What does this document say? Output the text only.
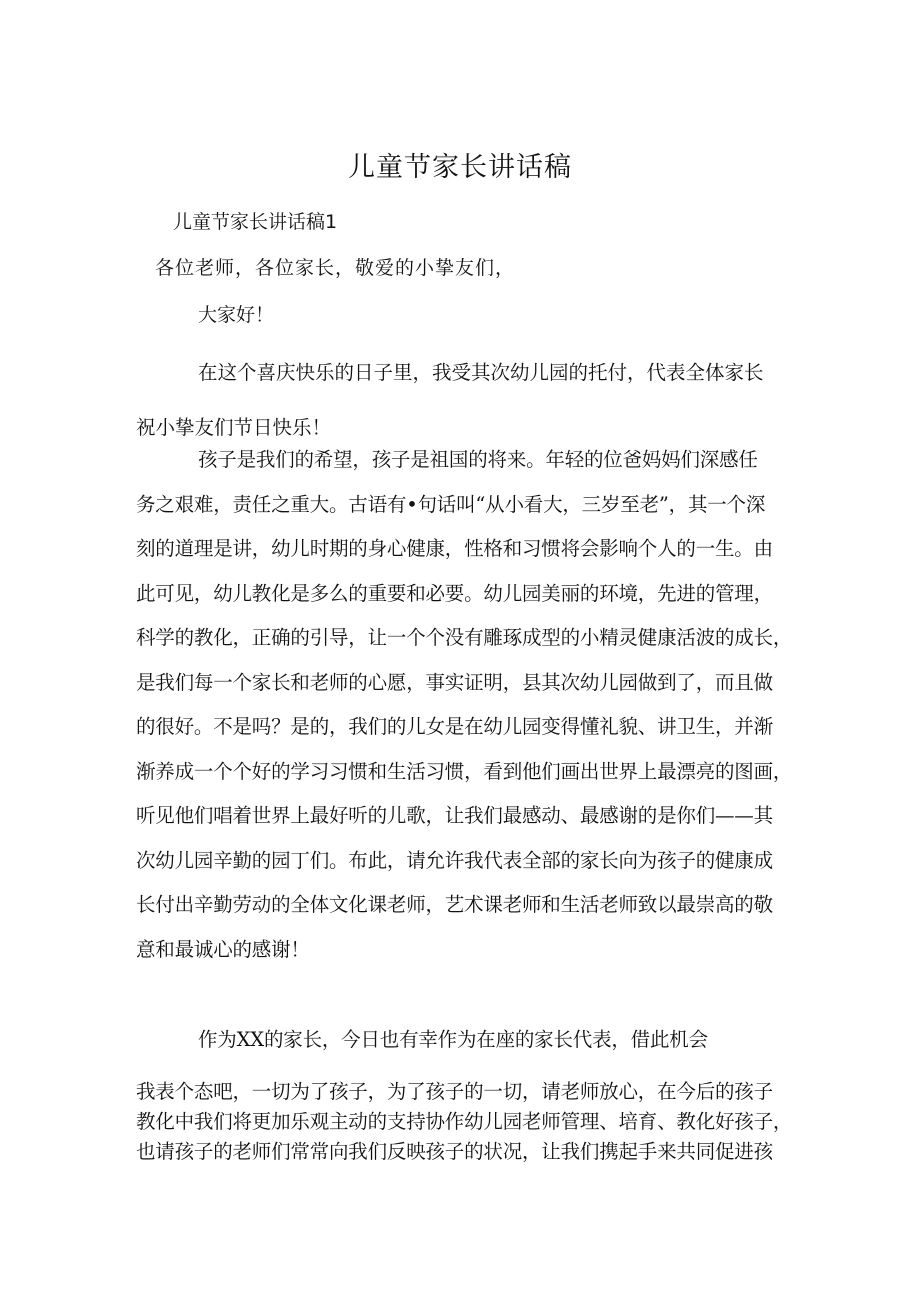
儿童节家长讲话稿
儿童节家长讲话稿1
各位老师，各位家长，敬爱的小挚友们，
大家好！
在这个喜庆快乐的日子里，我受其次幼儿园的托付，代表全体家长
祝小挚友们节日快乐！
孩子是我们的希望，孩子是祖国的将来。年轻的位爸妈妈们深感任
务之艰难，责任之重大。古语有•句话叫“从小看大，三岁至老”，其一个深
刻的道理是讲，幼儿时期的身心健康，性格和习惯将会影响个人的一生。由
此可见，幼儿教化是多么的重要和必要。幼儿园美丽的环境，先进的管理，
科学的教化，正确的引导，让一个个没有雕琢成型的小精灵健康活波的成长，
是我们每一个家长和老师的心愿，事实证明，县其次幼儿园做到了，而且做
的很好。不是吗？是的，我们的儿女是在幼儿园变得懂礼貌、讲卫生，并渐
渐养成一个个好的学习习惯和生活习惯，看到他们画出世界上最漂亮的图画，
听见他们唱着世界上最好听的儿歌，让我们最感动、最感谢的是你们——其
次幼儿园辛勤的园丁们。布此，请允许我代表全部的家长向为孩子的健康成
长付出辛勤劳动的全体文化课老师，艺术课老师和生活老师致以最崇高的敬
意和最诚心的感谢！
作为XX的家长，今日也有幸作为在座的家长代表，借此机会
我表个态吧，一切为了孩子，为了孩子的一切，请老师放心，在今后的孩子
教化中我们将更加乐观主动的支持协作幼儿园老师管理、培育、教化好孩子，
也请孩子的老师们常常向我们反映孩子的状况，让我们携起手来共同促进孩
